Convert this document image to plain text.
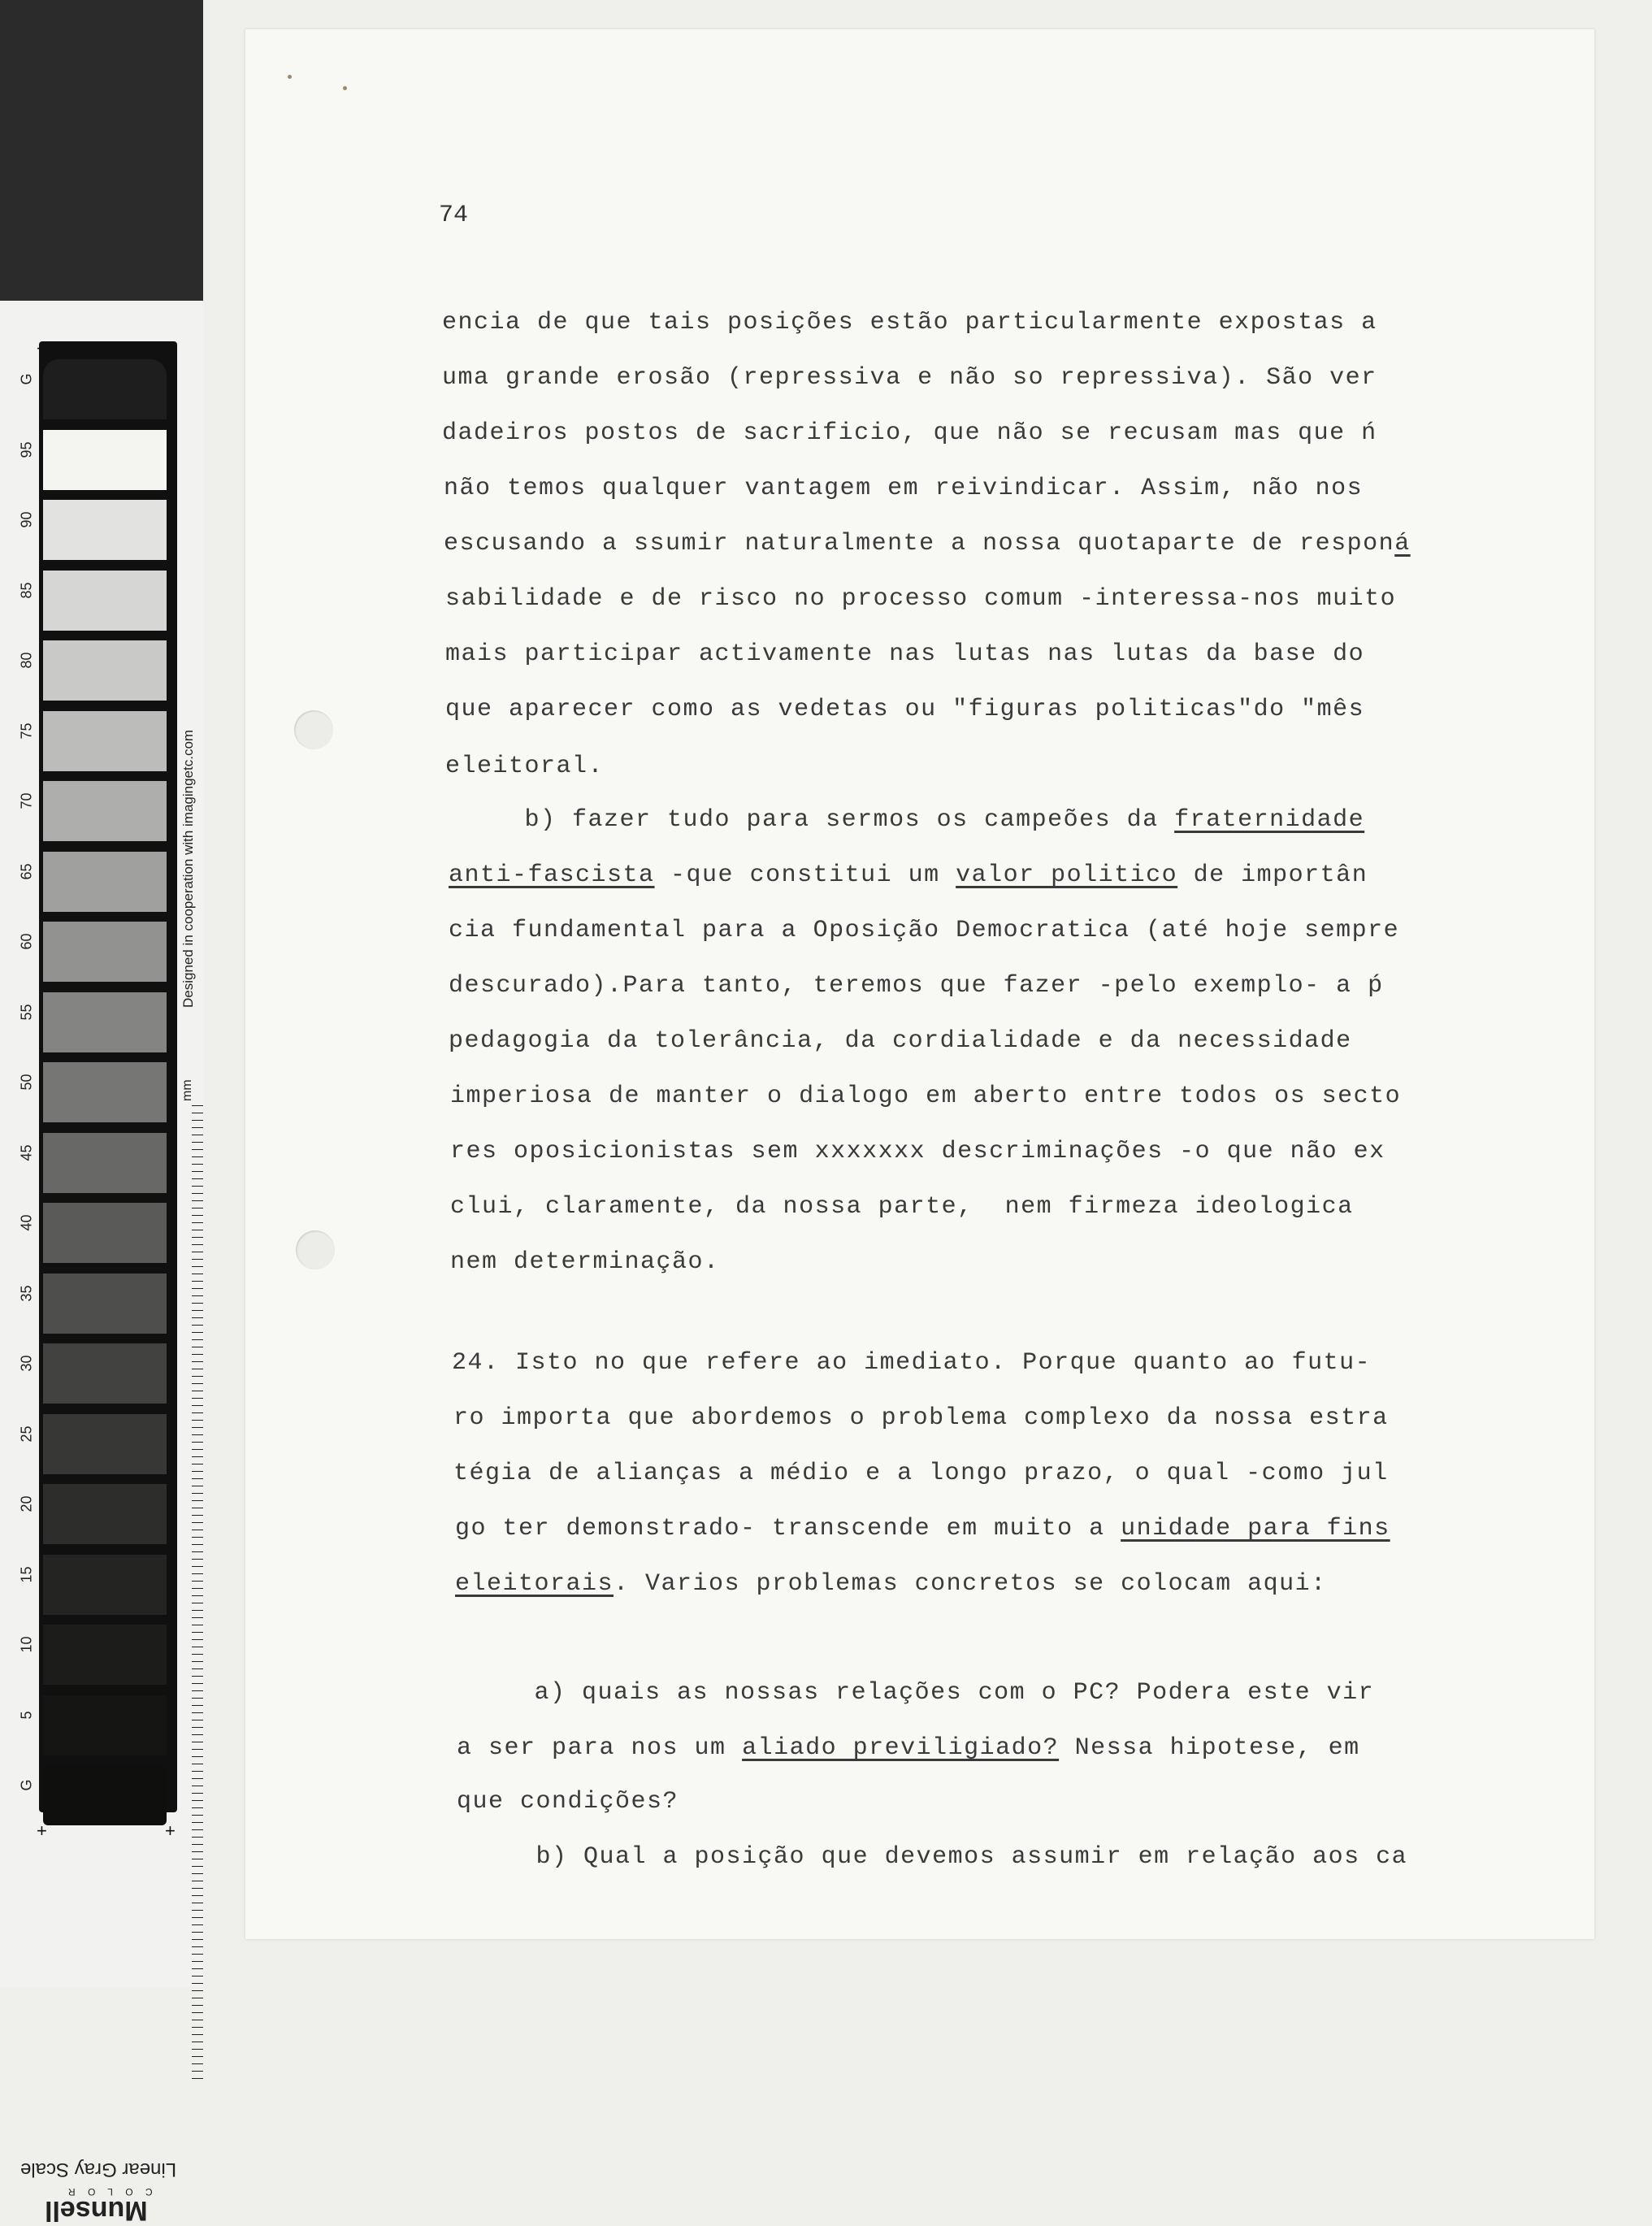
Designed in cooperation with imagingetc.com
mm
Linear Gray Scale
C O L O R
Munsell
G
95
90
85
80
75
70
65
60
55
50
45
40
35
30
25
20
15
10
5
G
+	+
+	+
74
encia de que tais posições estão particularmente expostas a
uma grande erosão (repressiva e não so repressiva). São ver
dadeiros postos de sacrificio, que não se recusam mas que ń
não temos qualquer vantagem em reivindicar. Assim, não nos
escusando a ssumir naturalmente a nossa quotaparte de responá
sabilidade e de risco no processo comum -interessa-nos muito
mais participar activamente nas lutas nas lutas da base do
que aparecer como as vedetas ou "figuras politicas"do "mês
eleitoral.
b) fazer tudo para sermos os campeões da fraternidade
anti-fascista -que constitui um valor politico de importân
cia fundamental para a Oposição Democratica (até hoje sempre
descurado).Para tanto, teremos que fazer -pelo exemplo- a ṕ
pedagogia da tolerância, da cordialidade e da necessidade
imperiosa de manter o dialogo em aberto entre todos os secto
res oposicionistas sem xxxxxxx descriminações -o que não ex
clui, claramente, da nossa parte,  nem firmeza ideologica
nem determinação.
24. Isto no que refere ao imediato. Porque quanto ao futu-
ro importa que abordemos o problema complexo da nossa estra
tégia de alianças a médio e a longo prazo, o qual -como jul
go ter demonstrado- transcende em muito a unidade para fins
eleitorais. Varios problemas concretos se colocam aqui:
a) quais as nossas relações com o PC? Podera este vir
a ser para nos um aliado previligiado? Nessa hipotese, em
que condições?
b) Qual a posição que devemos assumir em relação aos ca
